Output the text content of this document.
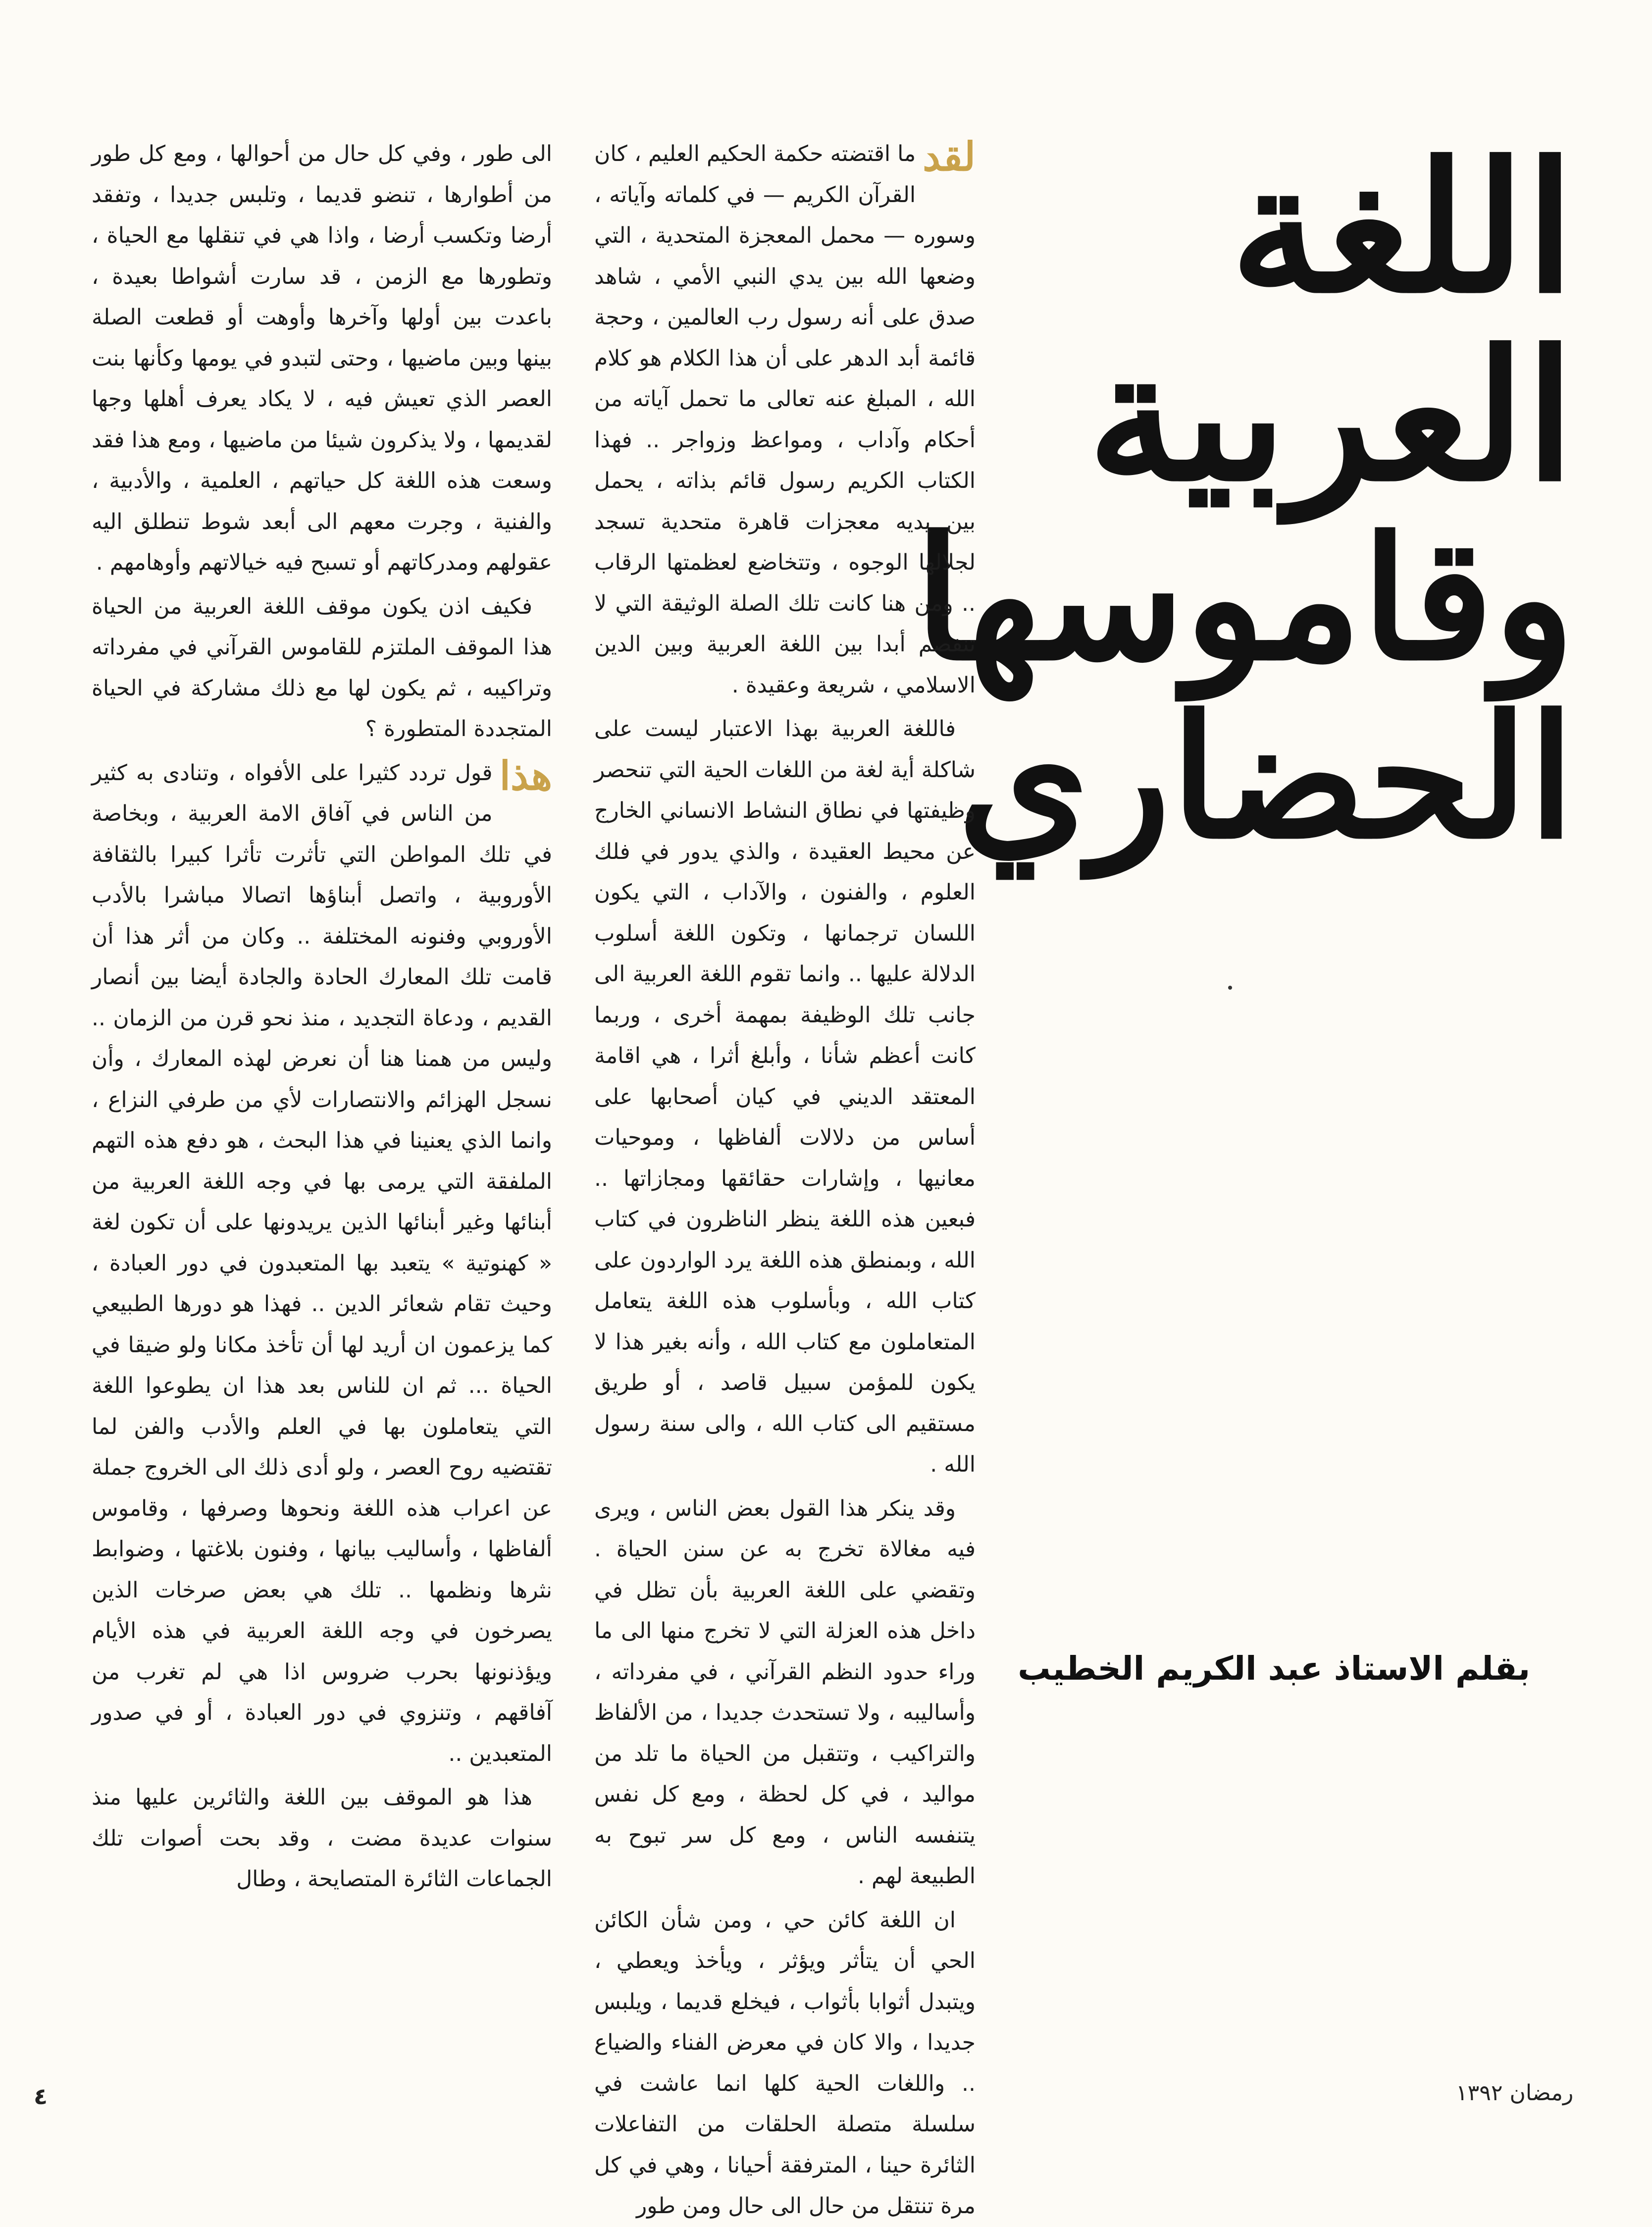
اللغة
العربية
وقاموسها
الحضاري
بقلم الاستاذ عبد الكريم الخطيب

لقد
ما اقتضته حكمة الحكيم العليم ، كان القرآن الكريم — في كلماته وآياته ، وسوره — محمل المعجزة المتحدية ، التي وضعها الله بين يدي النبي الأمي ، شاهد صدق على أنه رسول رب العالمين ، وحجة قائمة أبد الدهر على أن هذا الكلام هو كلام الله ، المبلغ عنه تعالى ما تحمل آياته من أحكام وآداب ، ومواعظ وزواجر .. فهذا الكتاب الكريم رسول قائم بذاته ، يحمل بين يديه معجزات قاهرة متحدية تسجد لجلالها الوجوه ، وتتخاضع لعظمتها الرقاب .. ومن هنا كانت تلك الصلة الوثيقة التي لا تنفصم أبدا بين اللغة العربية وبين الدين الاسلامي ، شريعة وعقيدة .

فاللغة العربية بهذا الاعتبار ليست على شاكلة أية لغة من اللغات الحية التي تنحصر وظيفتها في نطاق النشاط الانساني الخارج عن محيط العقيدة ، والذي يدور في فلك العلوم ، والفنون ، والآداب ، التي يكون اللسان ترجمانها ، وتكون اللغة أسلوب الدلالة عليها .. وانما تقوم اللغة العربية الى جانب تلك الوظيفة بمهمة أخرى ، وربما كانت أعظم شأنا ، وأبلغ أثرا ، هي اقامة المعتقد الديني في كيان أصحابها على أساس من دلالات ألفاظها ، وموحيات معانيها ، وإشارات حقائقها ومجازاتها .. فبعين هذه اللغة ينظر الناظرون في كتاب الله ، وبمنطق هذه اللغة يرد الواردون على كتاب الله ، وبأسلوب هذه اللغة يتعامل المتعاملون مع كتاب الله ، وأنه بغير هذا لا يكون للمؤمن سبيل قاصد ، أو طريق مستقيم الى كتاب الله ، والى سنة رسول الله .

وقد ينكر هذا القول بعض الناس ، ويرى فيه مغالاة تخرج به عن سنن الحياة . وتقضي على اللغة العربية بأن تظل في داخل هذه العزلة التي لا تخرج منها الى ما وراء حدود النظم القرآني ، في مفرداته ، وأساليبه ، ولا تستحدث جديدا ، من الألفاظ والتراكيب ، وتتقبل من الحياة ما تلد من مواليد ، في كل لحظة ، ومع كل نفس يتنفسه الناس ، ومع كل سر تبوح به الطبيعة لهم .

ان اللغة كائن حي ، ومن شأن الكائن الحي أن يتأثر ويؤثر ، ويأخذ ويعطي ، ويتبدل أثوابا بأثواب ، فيخلع قديما ، ويلبس جديدا ، والا كان في معرض الفناء والضياع .. واللغات الحية كلها انما عاشت في سلسلة متصلة الحلقات من التفاعلات الثائرة حينا ، المترفقة أحيانا ، وهي في كل مرة تنتقل من حال الى حال ومن طور

الى طور ، وفي كل حال من أحوالها ، ومع كل طور من أطوارها ، تنضو قديما ، وتلبس جديدا ، وتفقد أرضا وتكسب أرضا ، واذا هي في تنقلها مع الحياة ، وتطورها مع الزمن ، قد سارت أشواطا بعيدة ، باعدت بين أولها وآخرها وأوهت أو قطعت الصلة بينها وبين ماضيها ، وحتى لتبدو في يومها وكأنها بنت العصر الذي تعيش فيه ، لا يكاد يعرف أهلها وجها لقديمها ، ولا يذكرون شيئا من ماضيها ، ومع هذا فقد وسعت هذه اللغة كل حياتهم ، العلمية ، والأدبية ، والفنية ، وجرت معهم الى أبعد شوط تنطلق اليه عقولهم ومدركاتهم أو تسبح فيه خيالاتهم وأوهامهم .

فكيف اذن يكون موقف اللغة العربية من الحياة هذا الموقف الملتزم للقاموس القرآني في مفرداته وتراكيبه ، ثم يكون لها مع ذلك مشاركة في الحياة المتجددة المتطورة ؟

هذا
قول تردد كثيرا على الأفواه ، وتنادى به كثير من الناس في آفاق الامة العربية ، وبخاصة في تلك المواطن التي تأثرت تأثرا كبيرا بالثقافة الأوروبية ، واتصل أبناؤها اتصالا مباشرا بالأدب الأوروبي وفنونه المختلفة .. وكان من أثر هذا أن قامت تلك المعارك الحادة والجادة أيضا بين أنصار القديم ، ودعاة التجديد ، منذ نحو قرن من الزمان .. وليس من همنا هنا أن نعرض لهذه المعارك ، وأن نسجل الهزائم والانتصارات لأي من طرفي النزاع ، وانما الذي يعنينا في هذا البحث ، هو دفع هذه التهم الملفقة التي يرمى بها في وجه اللغة العربية من أبنائها وغير أبنائها الذين يريدونها على أن تكون لغة « كهنوتية » يتعبد بها المتعبدون في دور العبادة ، وحيث تقام شعائر الدين .. فهذا هو دورها الطبيعي كما يزعمون ان أريد لها أن تأخذ مكانا ولو ضيقا في الحياة ... ثم ان للناس بعد هذا ان يطوعوا اللغة التي يتعاملون بها في العلم والأدب والفن لما تقتضيه روح العصر ، ولو أدى ذلك الى الخروج جملة عن اعراب هذه اللغة ونحوها وصرفها ، وقاموس ألفاظها ، وأساليب بيانها ، وفنون بلاغتها ، وضوابط نثرها ونظمها .. تلك هي بعض صرخات الذين يصرخون في وجه اللغة العربية في هذه الأيام ويؤذنونها بحرب ضروس اذا هي لم تغرب من آفاقهم ، وتنزوي في دور العبادة ، أو في صدور المتعبدين ..

هذا هو الموقف بين اللغة والثائرين عليها منذ سنوات عديدة مضت ، وقد بحت أصوات تلك الجماعات الثائرة المتصايحة ، وطال

رمضان ١٣٩٢
٤
